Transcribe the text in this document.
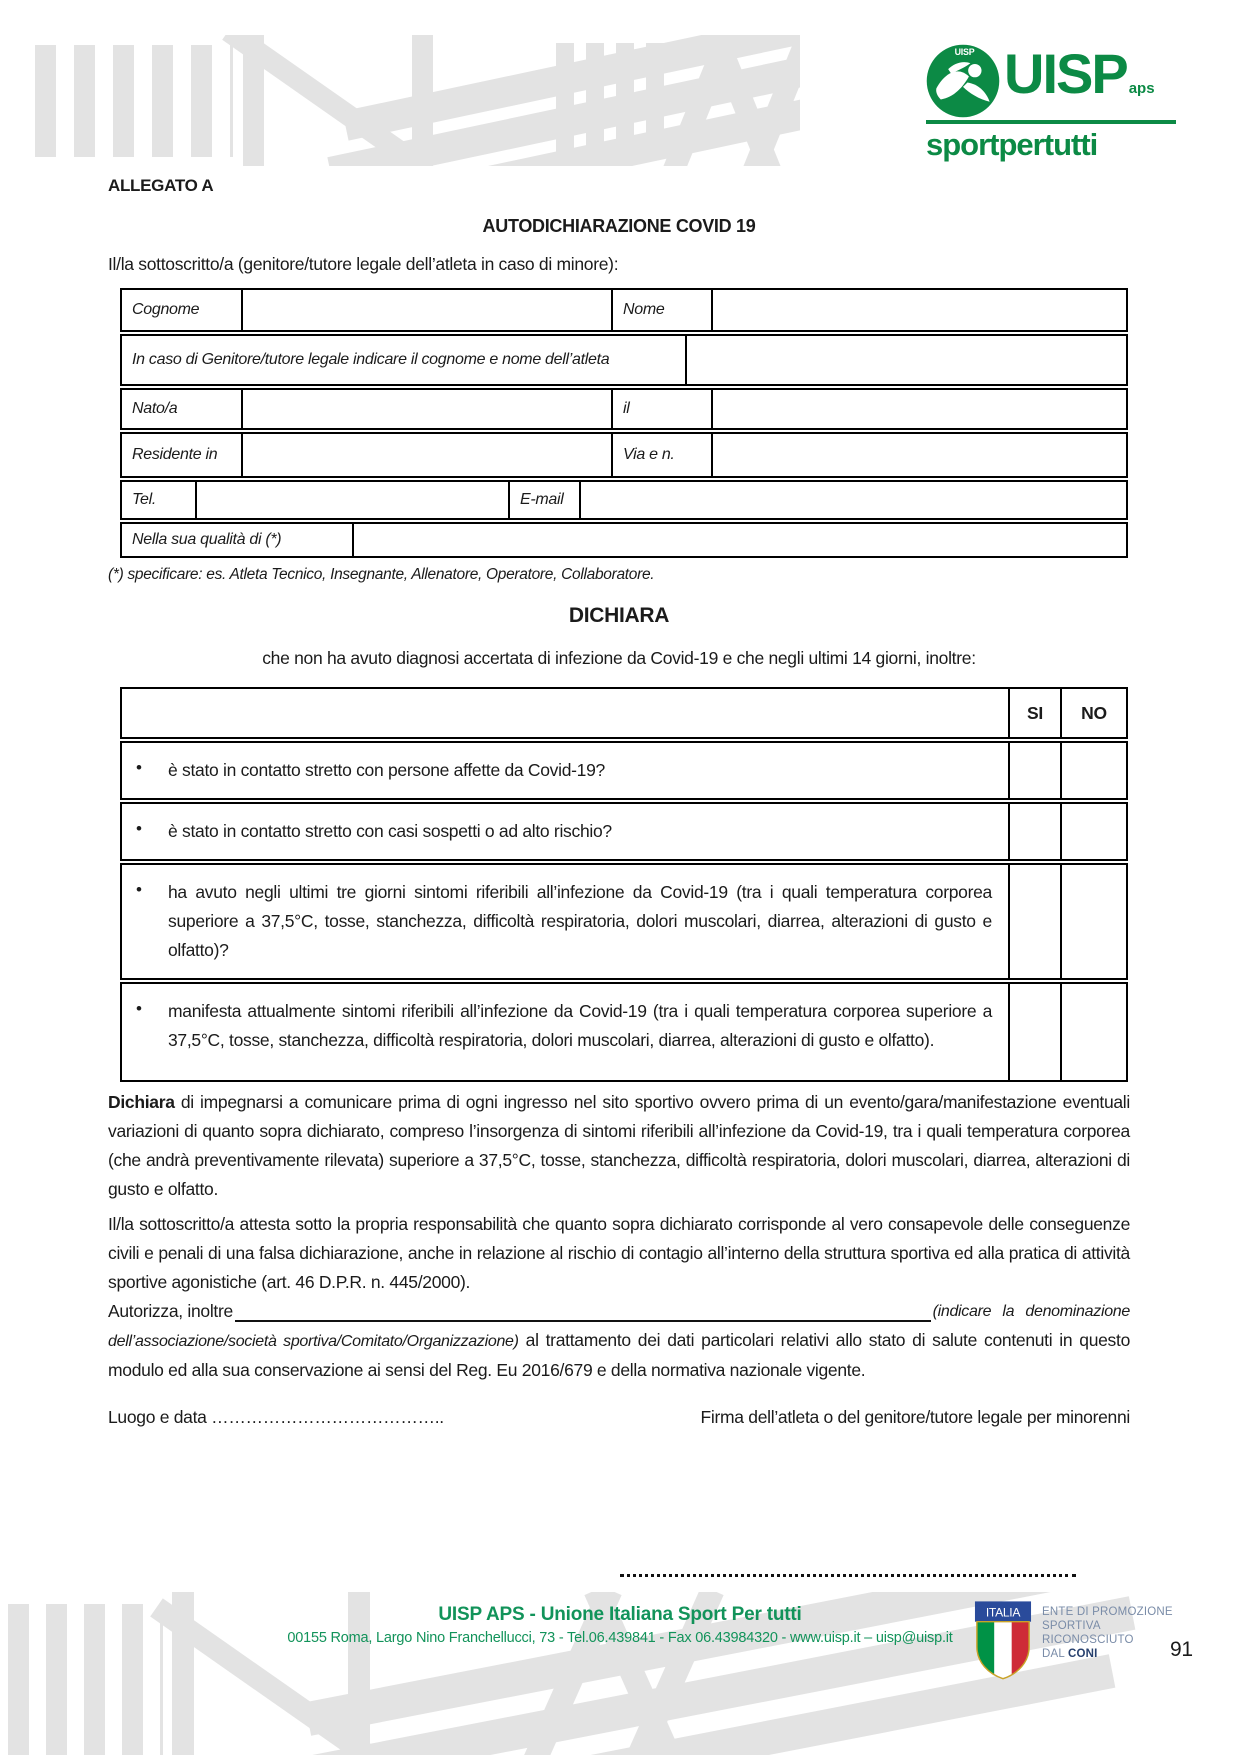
UISP UISP aps
sportpertutti
ALLEGATO A
AUTODICHIARAZIONE COVID 19
Il/la sottoscritto/a (genitore/tutore legale dell’atleta in caso di minore):
Cognome	Nome
In caso di Genitore/tutore legale indicare il cognome e nome dell’atleta
Nato/a	il
Residente in	Via e n.
Tel.	E-mail
Nella sua qualità di (*)
(*) specificare: es. Atleta Tecnico, Insegnante, Allenatore, Operatore, Collaboratore.
DICHIARA
che non ha avuto diagnosi accertata di infezione da Covid-19 e che negli ultimi 14 giorni, inoltre:
SI	NO
•	è stato in contatto stretto con persone affette da Covid-19?
•	è stato in contatto stretto con casi sospetti o ad alto rischio?
•	ha avuto negli ultimi tre giorni sintomi riferibili all’infezione da Covid-19 (tra i quali temperatura corporea superiore a 37,5°C, tosse, stanchezza, difficoltà respiratoria, dolori muscolari, diarrea, alterazioni di gusto e olfatto)?
•	manifesta attualmente sintomi riferibili all’infezione da Covid-19 (tra i quali temperatura corporea superiore a 37,5°C, tosse, stanchezza, difficoltà respiratoria, dolori muscolari, diarrea, alterazioni di gusto e olfatto).
Dichiara di impegnarsi a comunicare prima di ogni ingresso nel sito sportivo ovvero prima di un evento/gara/manifestazione eventuali variazioni di quanto sopra dichiarato, compreso l’insorgenza di sintomi riferibili all’infezione da Covid-19, tra i quali temperatura corporea (che andrà preventivamente rilevata) superiore a 37,5°C, tosse, stanchezza, difficoltà respiratoria, dolori muscolari, diarrea, alterazioni di gusto e olfatto.
Il/la sottoscritto/a attesta sotto la propria responsabilità che quanto sopra dichiarato corrisponde al vero consapevole delle conseguenze civili e penali di una falsa dichiarazione, anche in relazione al rischio di contagio all’interno della struttura sportiva ed alla pratica di attività sportive agonistiche (art. 46 D.P.R. n. 445/2000).
Autorizza, inoltre	(indicare la denominazione
dell’associazione/società sportiva/Comitato/Organizzazione) al trattamento dei dati particolari relativi allo stato di salute contenuti in questo modulo ed alla sua conservazione ai sensi del Reg. Eu 2016/679 e della normativa nazionale vigente.
Luogo e data …………………………………..	Firma dell’atleta o del genitore/tutore legale per minorenni
UISP APS - Unione Italiana Sport Per tutti
00155 Roma, Largo Nino Franchellucci, 73 - Tel.06.439841 - Fax 06.43984320 - www.uisp.it – uisp@uisp.it
ITALIA ENTE DI PROMOZIONE
SPORTIVA
RICONOSCIUTO
DAL CONI	91
